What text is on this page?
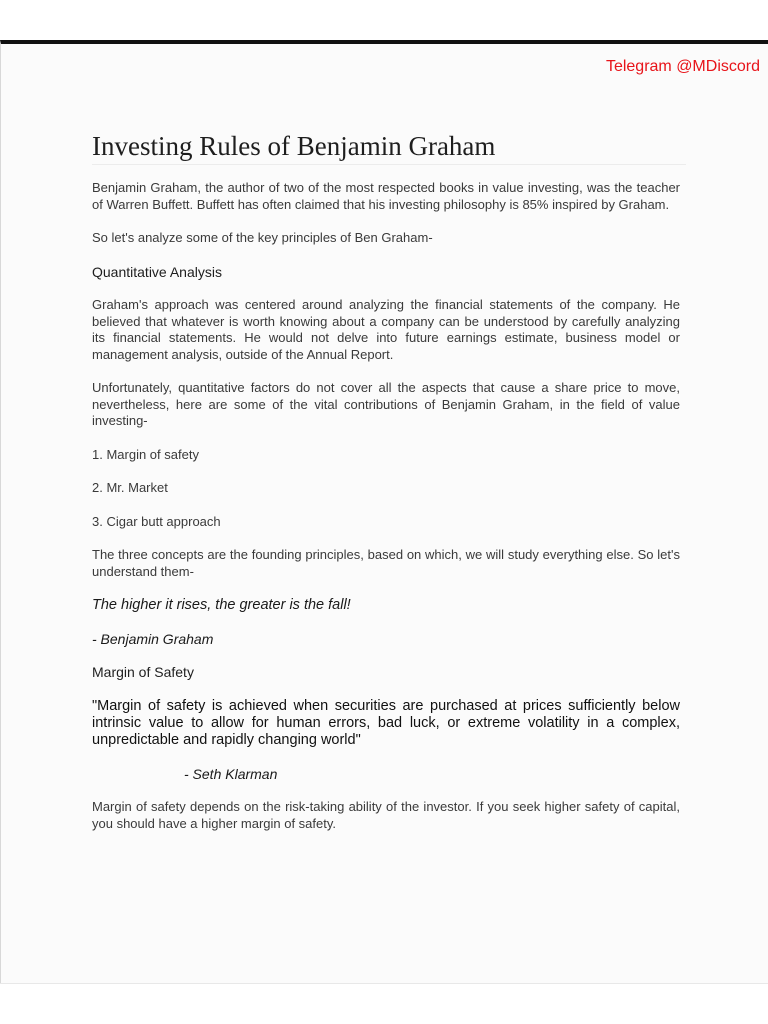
Telegram @MDiscord
Investing Rules of Benjamin Graham

Benjamin Graham, the author of two of the most respected books in value investing, was the teacher of Warren Buffett. Buffett has often claimed that his investing philosophy is 85% inspired by Graham.

So let's analyze some of the key principles of Ben Graham-

Quantitative Analysis

Graham's approach was centered around analyzing the financial statements of the company. He believed that whatever is worth knowing about a company can be understood by carefully analyzing its financial statements. He would not delve into future earnings estimate, business model or management analysis, outside of the Annual Report.

Unfortunately, quantitative factors do not cover all the aspects that cause a share price to move, nevertheless, here are some of the vital contributions of Benjamin Graham, in the field of value investing-

1. Margin of safety

2. Mr. Market

3. Cigar butt approach

The three concepts are the founding principles, based on which, we will study everything else. So let's understand them-

The higher it rises, the greater is the fall!

- Benjamin Graham

Margin of Safety

"Margin of safety is achieved when securities are purchased at prices sufficiently below intrinsic value to allow for human errors, bad luck, or extreme volatility in a complex, unpredictable and rapidly changing world"

- Seth Klarman

Margin of safety depends on the risk-taking ability of the investor. If you seek higher safety of capital, you should have a higher margin of safety.
